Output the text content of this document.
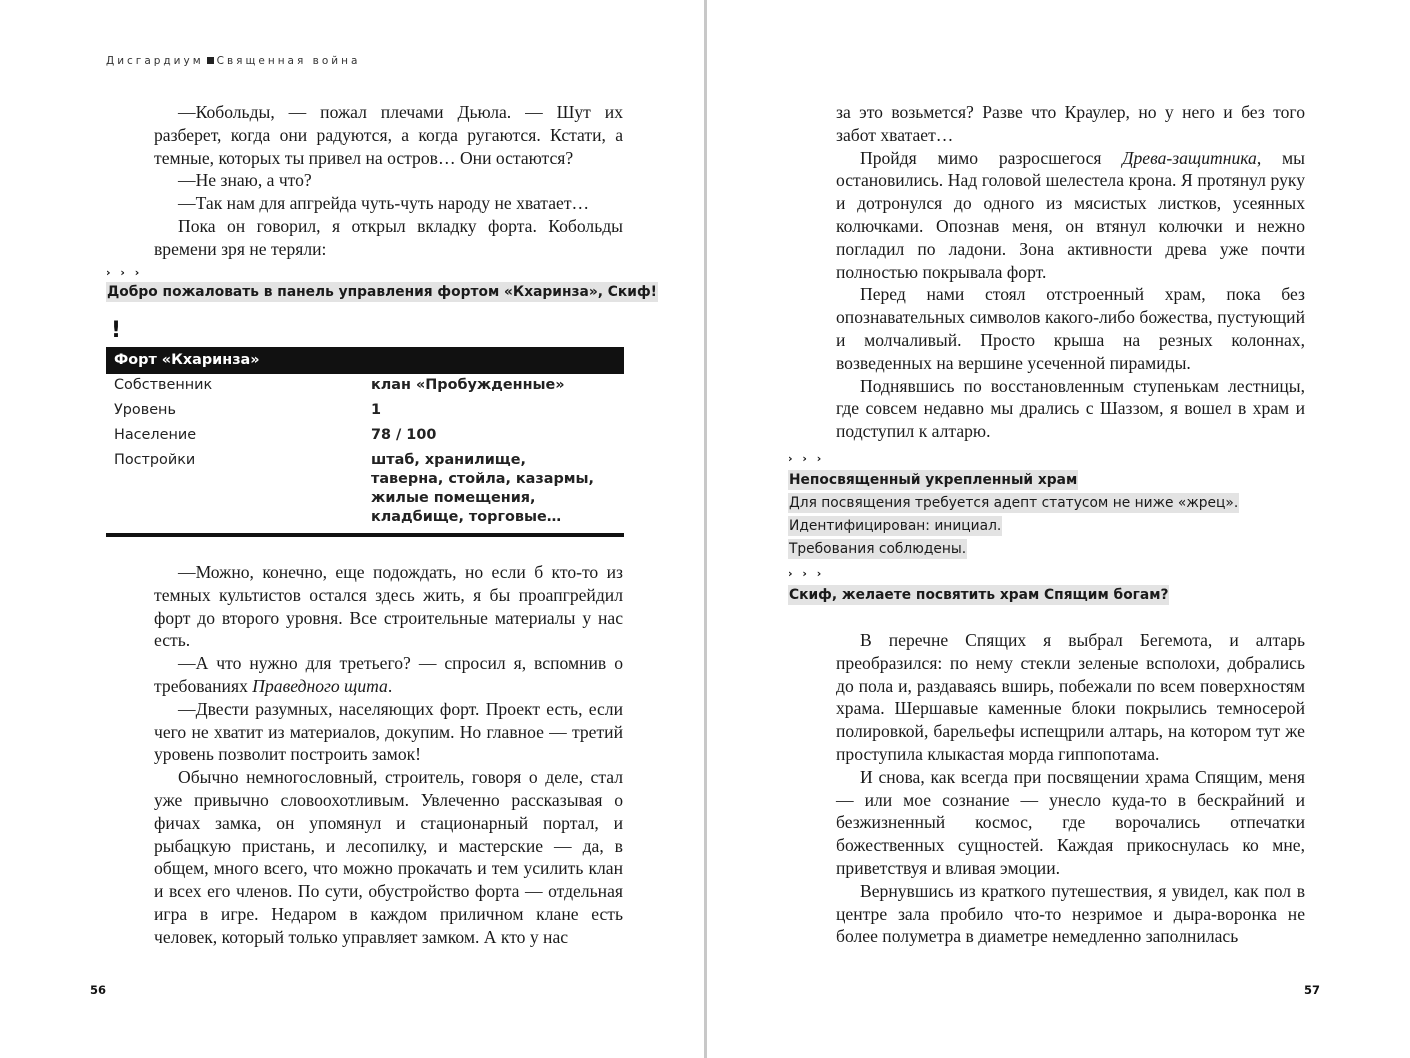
Дисгардиум Священная война

—Кобольды, — пожал плечами Дьюла. — Шут их разберет, когда они радуются, а когда ругаются. Кстати, а темные, которых ты привел на остров… Они остаются?

—Не знаю, а что?

—Так нам для апгрейда чуть-чуть народу не хватает…

Пока он говорил, я открыл вкладку форта. Кобольды времени зря не теряли:

› › ›
Добро пожаловать в панель управления фортом «Кхаринза», Скиф!
!
Форт «Кхаринза»
Собственник	клан «Пробужденные»
Уровень	1
Население	78 / 100
Постройки	штаб, хранилище, таверна, стойла, казармы, жилые помещения, кладбище, торговые…

—Можно, конечно, еще подождать, но если б кто-то из темных культистов остался здесь жить, я бы проапгрейдил форт до второго уровня. Все строительные материалы у нас есть.

—А что нужно для третьего? — спросил я, вспомнив о требованиях Праведного щита.

—Двести разумных, населяющих форт. Проект есть, если чего не хватит из материалов, докупим. Но главное — третий уровень позволит построить замок!

Обычно немногословный, строитель, говоря о деле, стал уже привычно словоохотливым. Увлеченно рассказывая о фичах замка, он упомянул и стационарный портал, и рыбацкую пристань, и лесопилку, и мастерские — да, в общем, много всего, что можно прокачать и тем усилить клан и всех его членов. По сути, обустройство форта — отдельная игра в игре. Недаром в каждом приличном клане есть человек, который только управляет замком. А кто у нас

56

за это возьмется? Разве что Краулер, но у него и без того забот хватает…

Пройдя мимо разросшегося Древа-защитника, мы остановились. Над головой шелестела крона. Я протянул руку и дотронулся до одного из мясистых листков, усеянных колючками. Опознав меня, он втянул колючки и нежно погладил по ладони. Зона активности древа уже почти полностью покрывала форт.

Перед нами стоял отстроенный храм, пока без опознавательных символов какого-либо божества, пустующий и молчаливый. Просто крыша на резных колоннах, возведенных на вершине усеченной пирамиды.

Поднявшись по восстановленным ступенькам лестницы, где совсем недавно мы дрались с Шаззом, я вошел в храм и подступил к алтарю.

› › ›
Непосвященный укрепленный храм
Для посвящения требуется адепт статусом не ниже «жрец».
Идентифицирован: инициал.
Требования соблюдены.
› › ›
Скиф, желаете посвятить храм Спящим богам?

В перечне Спящих я выбрал Бегемота, и алтарь преобразился: по нему стекли зеленые всполохи, добрались до пола и, раздаваясь вширь, побежали по всем поверхностям храма. Шершавые каменные блоки покрылись темносерой полировкой, барельефы испещрили алтарь, на котором тут же проступила клыкастая морда гиппопотама.

И снова, как всегда при посвящении храма Спящим, меня — или мое сознание — унесло куда-то в бескрайний и безжизненный космос, где ворочались отпечатки божественных сущностей. Каждая прикоснулась ко мне, приветствуя и вливая эмоции.

Вернувшись из краткого путешествия, я увидел, как пол в центре зала пробило что-то незримое и дыра-воронка не более полуметра в диаметре немедленно заполнилась

57
